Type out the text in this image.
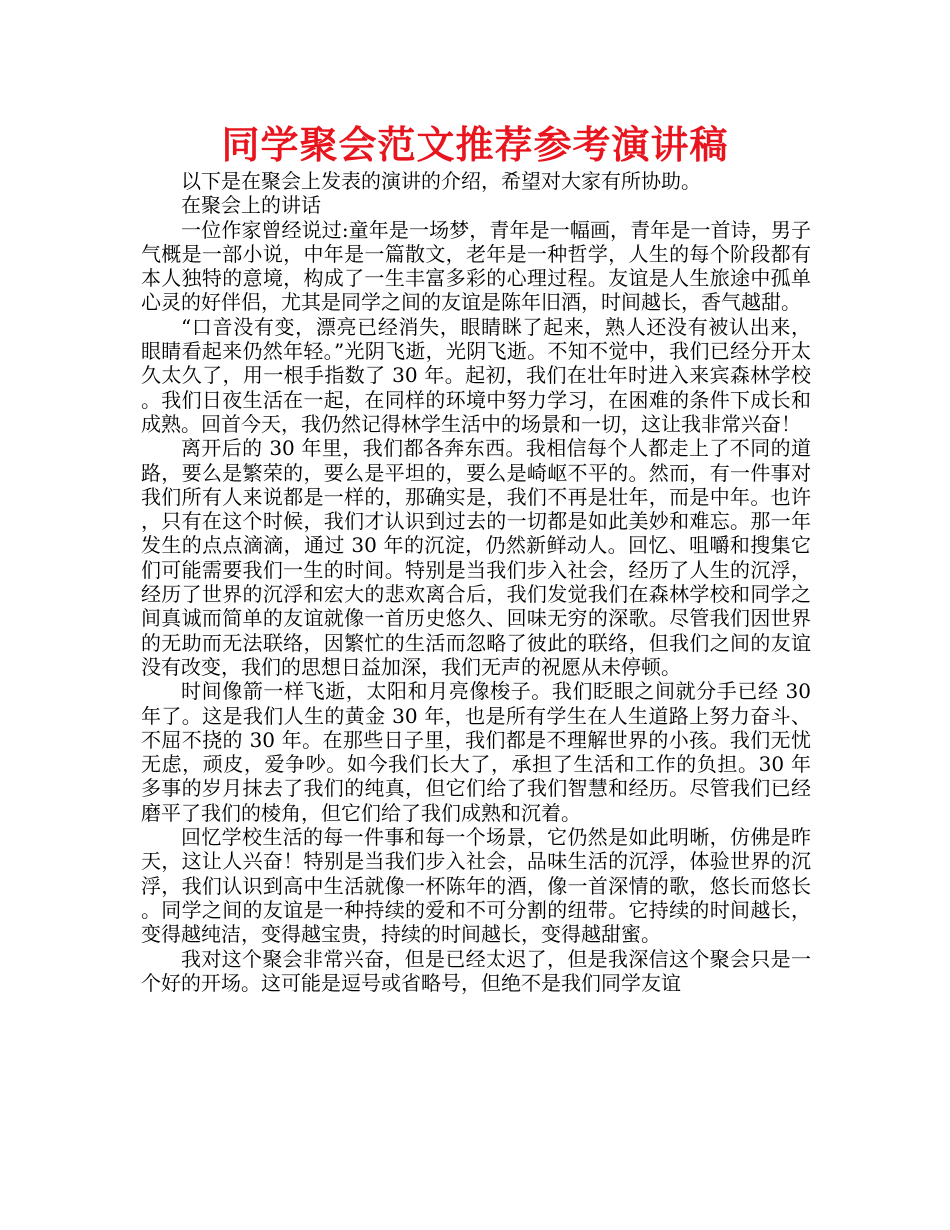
同学聚会范文推荐参考演讲稿

以下是在聚会上发表的演讲的介绍，希望对大家有所协助。

在聚会上的讲话

一位作家曾经说过:童年是一场梦，青年是一幅画，青年是一首诗，男子气概是一部小说，中年是一篇散文，老年是一种哲学，人生的每个阶段都有本人独特的意境，构成了一生丰富多彩的心理过程。友谊是人生旅途中孤单心灵的好伴侣，尤其是同学之间的友谊是陈年旧酒，时间越长，香气越甜。

“口音没有变，漂亮已经消失，眼睛眯了起来，熟人还没有被认出来，眼睛看起来仍然年轻。”光阴飞逝，光阴飞逝。不知不觉中，我们已经分开太久太久了，用一根手指数了 30 年。起初，我们在壮年时进入来宾森林学校。我们日夜生活在一起，在同样的环境中努力学习，在困难的条件下成长和成熟。回首今天，我仍然记得林学生活中的场景和一切，这让我非常兴奋！

离开后的 30 年里，我们都各奔东西。我相信每个人都走上了不同的道路，要么是繁荣的，要么是平坦的，要么是崎岖不平的。然而，有一件事对我们所有人来说都是一样的，那确实是，我们不再是壮年，而是中年。也许，只有在这个时候，我们才认识到过去的一切都是如此美妙和难忘。那一年发生的点点滴滴，通过 30 年的沉淀，仍然新鲜动人。回忆、咀嚼和搜集它们可能需要我们一生的时间。特别是当我们步入社会，经历了人生的沉浮，经历了世界的沉浮和宏大的悲欢离合后，我们发觉我们在森林学校和同学之间真诚而简单的友谊就像一首历史悠久、回味无穷的深歌。尽管我们因世界的无助而无法联络，因繁忙的生活而忽略了彼此的联络，但我们之间的友谊没有改变，我们的思想日益加深，我们无声的祝愿从未停顿。

时间像箭一样飞逝，太阳和月亮像梭子。我们眨眼之间就分手已经 30 年了。这是我们人生的黄金 30 年，也是所有学生在人生道路上努力奋斗、不屈不挠的 30 年。在那些日子里，我们都是不理解世界的小孩。我们无忧无虑，顽皮，爱争吵。如今我们长大了，承担了生活和工作的负担。30 年多事的岁月抹去了我们的纯真，但它们给了我们智慧和经历。尽管我们已经磨平了我们的棱角，但它们给了我们成熟和沉着。

回忆学校生活的每一件事和每一个场景，它仍然是如此明晰，仿佛是昨天，这让人兴奋！特别是当我们步入社会，品味生活的沉浮，体验世界的沉浮，我们认识到高中生活就像一杯陈年的酒，像一首深情的歌，悠长而悠长。同学之间的友谊是一种持续的爱和不可分割的纽带。它持续的时间越长，变得越纯洁，变得越宝贵，持续的时间越长，变得越甜蜜。

我对这个聚会非常兴奋，但是已经太迟了，但是我深信这个聚会只是一个好的开场。这可能是逗号或省略号，但绝不是我们同学友谊
